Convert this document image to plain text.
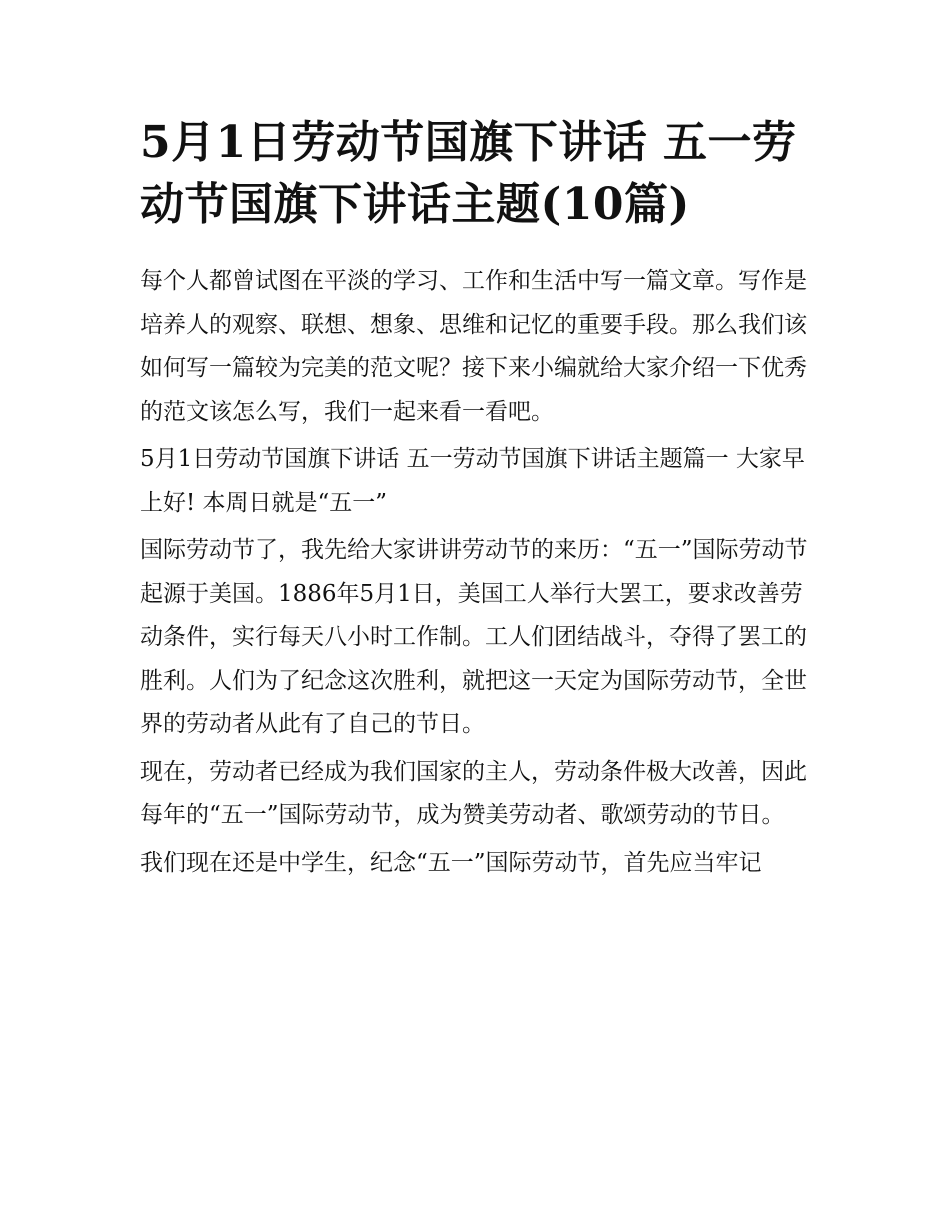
5月1日劳动节国旗下讲话 五一劳动节国旗下讲话主题(10篇)

每个人都曾试图在平淡的学习、工作和生活中写一篇文章。写作是培养人的观察、联想、想象、思维和记忆的重要手段。那么我们该如何写一篇较为完美的范文呢？接下来小编就给大家介绍一下优秀的范文该怎么写，我们一起来看一看吧。

5月1日劳动节国旗下讲话 五一劳动节国旗下讲话主题篇一 大家早上好! 本周日就是“五一”

国际劳动节了，我先给大家讲讲劳动节的来历：“五一”国际劳动节起源于美国。1886年5月1日，美国工人举行大罢工，要求改善劳动条件，实行每天八小时工作制。工人们团结战斗，夺得了罢工的胜利。人们为了纪念这次胜利，就把这一天定为国际劳动节，全世界的劳动者从此有了自己的节日。

现在，劳动者已经成为我们国家的主人，劳动条件极大改善，因此每年的“五一”国际劳动节，成为赞美劳动者、歌颂劳动的节日。

我们现在还是中学生，纪念“五一”国际劳动节，首先应当牢记
